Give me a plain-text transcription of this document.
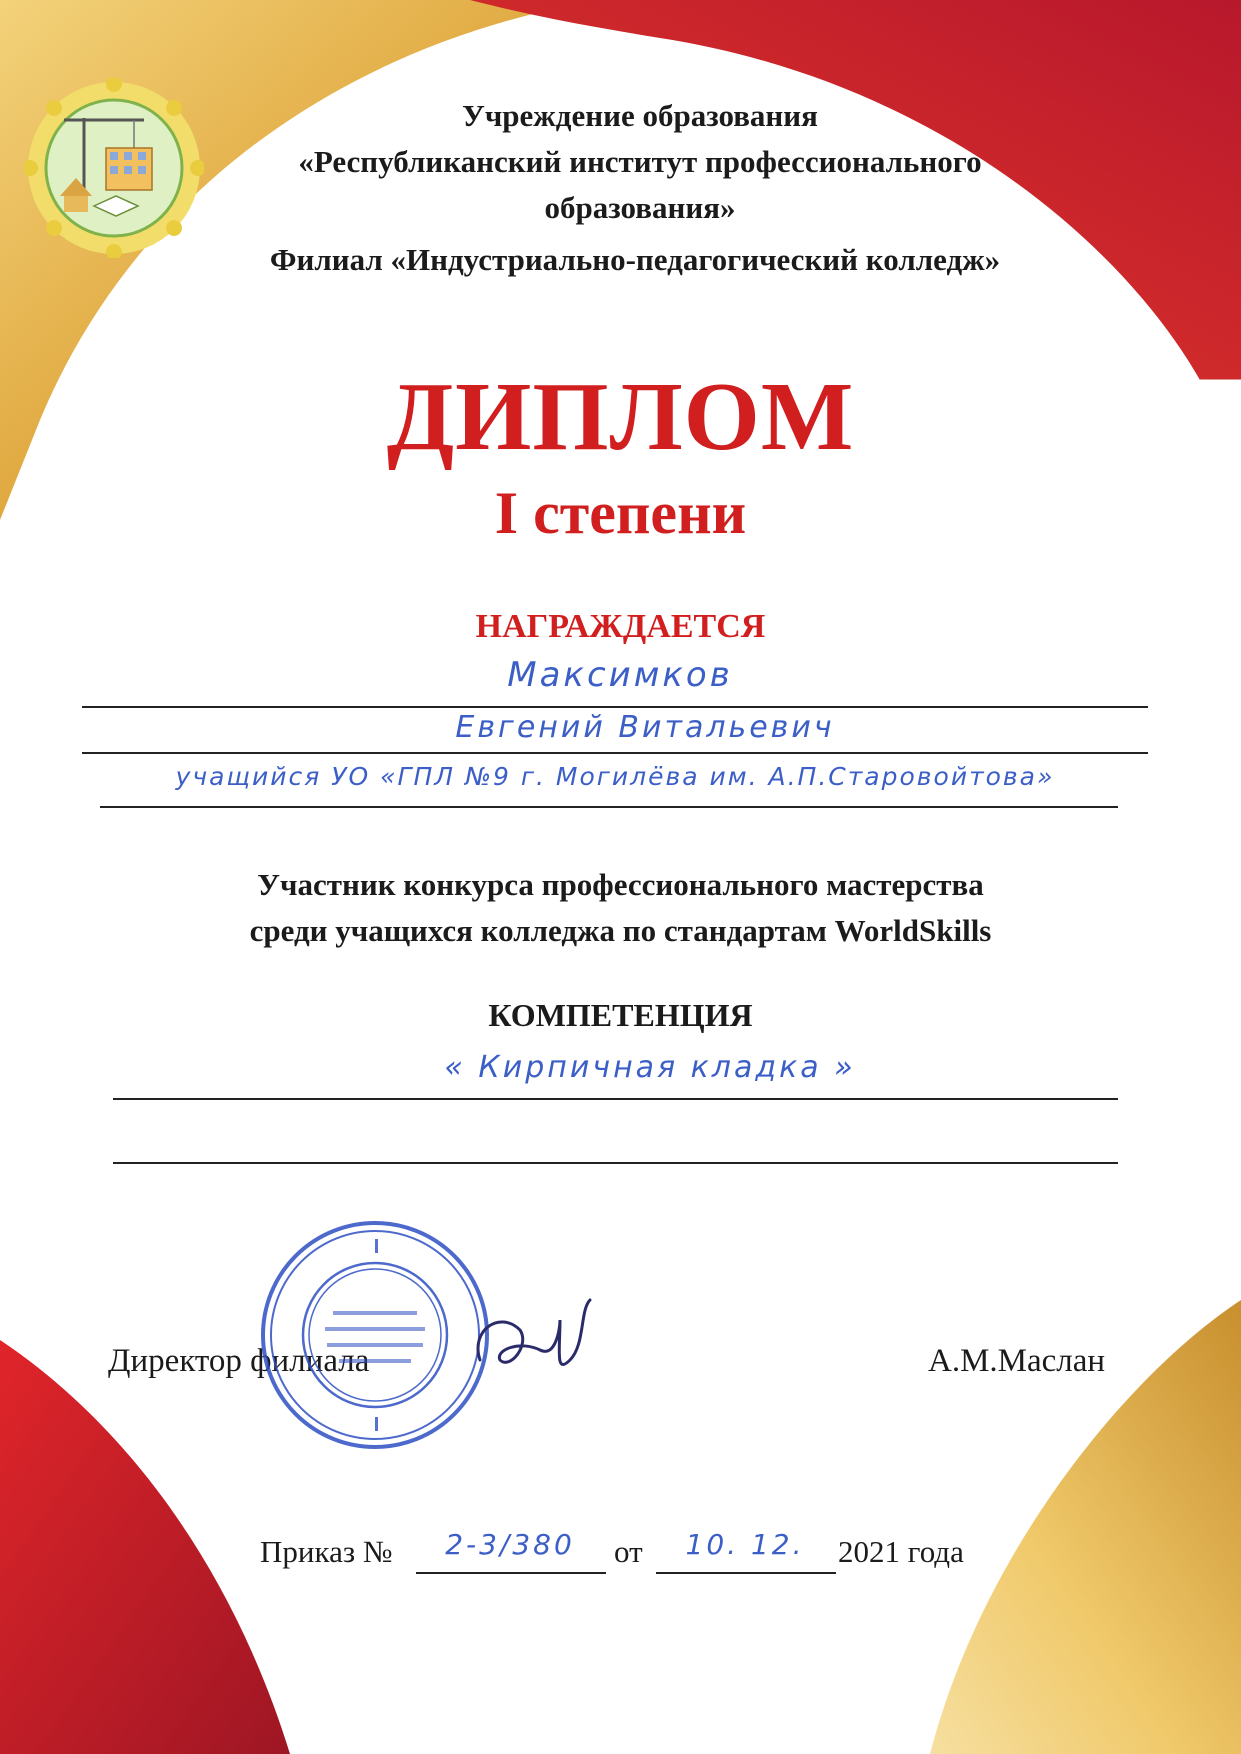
Учреждение образования
«Республиканский институт профессионального
образования»
Филиал «Индустриально-педагогический колледж»
ДИПЛОМ
I степени
НАГРАЖДАЕТСЯ
Максимков
Евгений Витальевич
учащийся УО «ГПЛ №9 г. Могилёва им. А.П.Старовойтова»
Участник конкурса профессионального мастерства
среди учащихся колледжа по стандартам WorldSkills
КОМПЕТЕНЦИЯ
« Кирпичная кладка »
Директор филиала	А.М.Маслан
Приказ №	2-3/380	от	10. 12.	2021 года
